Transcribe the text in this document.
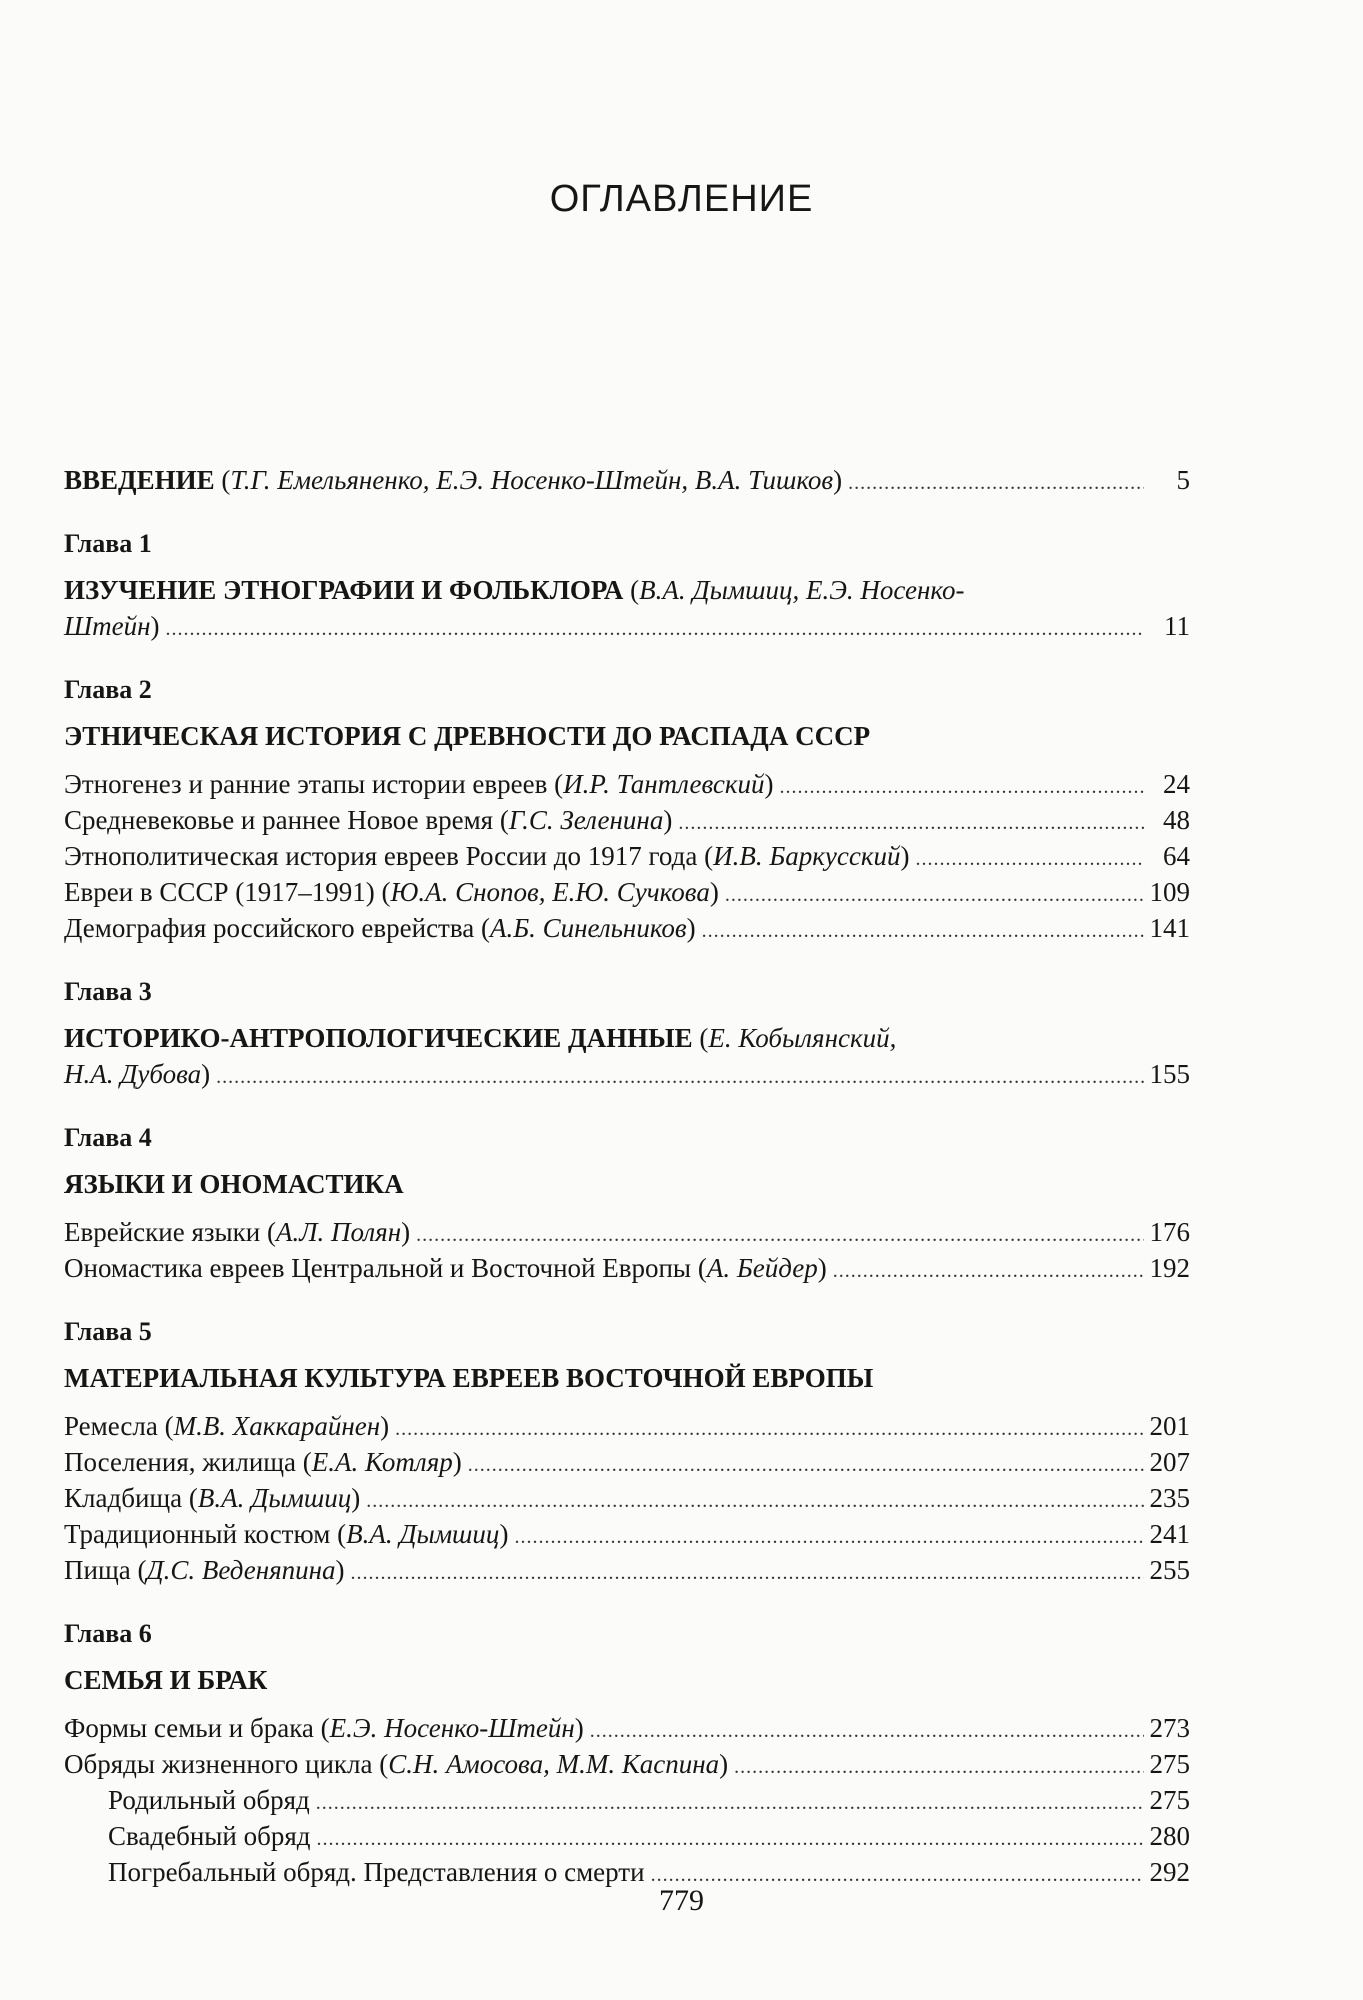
ОГЛАВЛЕНИЕ
ВВЕДЕНИЕ (Т.Г. Емельяненко, Е.Э. Носенко-Штейн, В.А. Тишков) .....	5
Глава 1
ИЗУЧЕНИЕ ЭТНОГРАФИИ И ФОЛЬКЛОРА (В.А. Дымшиц, Е.Э. Носенко-
Штейн) .....	11
Глава 2
ЭТНИЧЕСКАЯ ИСТОРИЯ С ДРЕВНОСТИ ДО РАСПАДА СССР
Этногенез и ранние этапы истории евреев (И.Р. Тантлевский) .....	24
Средневековье и раннее Новое время (Г.С. Зеленина) .....	48
Этнополитическая история евреев России до 1917 года (И.В. Баркусский) .....	64
Евреи в СССР (1917–1991) (Ю.А. Снопов, Е.Ю. Сучкова) .....	109
Демография российского еврейства (А.Б. Синельников) .....	141
Глава 3
ИСТОРИКО-АНТРОПОЛОГИЧЕСКИЕ ДАННЫЕ (Е. Кобылянский,
Н.А. Дубова) .....	155
Глава 4
ЯЗЫКИ И ОНОМАСТИКА
Еврейские языки (А.Л. Полян) .....	176
Ономастика евреев Центральной и Восточной Европы (А. Бейдер) .....	192
Глава 5
МАТЕРИАЛЬНАЯ КУЛЬТУРА ЕВРЕЕВ ВОСТОЧНОЙ ЕВРОПЫ
Ремесла (М.В. Хаккарайнен) .....	201
Поселения, жилища (Е.А. Котляр) .....	207
Кладбища (В.А. Дымшиц) .....	235
Традиционный костюм (В.А. Дымшиц) .....	241
Пища (Д.С. Веденяпина) .....	255
Глава 6
СЕМЬЯ И БРАК
Формы семьи и брака (Е.Э. Носенко-Штейн) .....	273
Обряды жизненного цикла (С.Н. Амосова, М.М. Каспина) .....	275
Родильный обряд .....	275
Свадебный обряд .....	280
Погребальный обряд. Представления о смерти .....	292
779
